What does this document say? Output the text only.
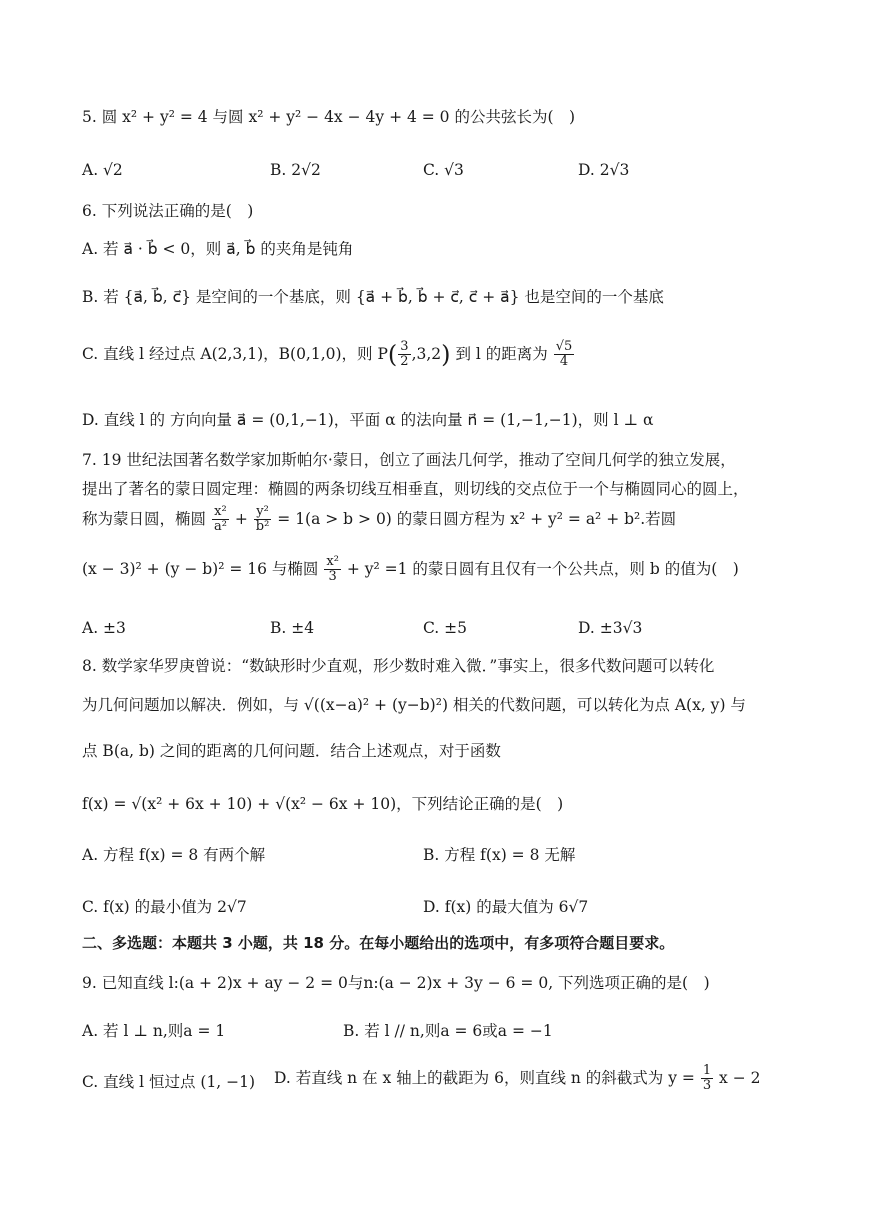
5. 圆 x² + y² = 4 与圆 x² + y² − 4x − 4y + 4 = 0 的公共弦长为(　)
A. √2	B. 2√2	C. √3	D. 2√3
6. 下列说法正确的是(　)
A. 若 a⃗ · b⃗ < 0，则 a⃗, b⃗ 的夹角是钝角
B. 若 {a⃗, b⃗, c⃗} 是空间的一个基底，则 {a⃗ + b⃗, b⃗ + c⃗, c⃗ + a⃗} 也是空间的一个基底
C. 直线 l 经过点 A(2,3,1)，B(0,1,0)，则 $P( \frac{3}{2} ,3,2)$ 到 l 的距离为 $\frac{√5}{4}$
D. 直线 l 的 方向向量 a⃗ = (0,1,−1)，平面 α 的法向量 n⃗ = (1,−1,−1)，则 l ⊥ α
7. 19 世纪法国著名数学家加斯帕尔·蒙日，创立了画法几何学，推动了空间几何学的独立发展，
提出了著名的蒙日圆定理：椭圆的两条切线互相垂直，则切线的交点位于一个与椭圆同心的圆上，
称为蒙日圆，椭圆 $\frac{\text{x²}}{\text{a²}} + \frac{\text{y²}}{\text{b²}} = 1(a > b > 0)$ 的蒙日圆方程为 x² + y² = a² + b².若圆
(x − 3)² + (y − b)² = 16 与椭圆 $\frac{\text{x²}}{3} + y^2 =1$ 的蒙日圆有且仅有一个公共点，则 b 的值为(　)
A. ±3	B. ±4	C. ±5	D. ±3√3
8. 数学家华罗庚曾说：“数缺形时少直观，形少数时难入微．”事实上，很多代数问题可以转化
为几何问题加以解决．例如，与 √((x−a)² + (y−b)²) 相关的代数问题，可以转化为点 A(x, y) 与
点 B(a, b) 之间的距离的几何问题．结合上述观点，对于函数
f(x) = √(x² + 6x + 10) + √(x² − 6x + 10)，下列结论正确的是(　)
A. 方程 f(x) = 8 有两个解	B. 方程 f(x) = 8 无解
C. f(x) 的最小值为 2√7	D. f(x) 的最大值为 6√7
二、多选题：本题共 3 小题，共 18 分。在每小题给出的选项中，有多项符合题目要求。
9. 已知直线 l:(a + 2)x + ay − 2 = 0与n:(a − 2)x + 3y − 6 = 0, 下列选项正确的是(　)
A. 若 l ⊥ n,则a = 1	B. 若 l // n,则a = 6或a = −1
C. 直线 l 恒过点 (1, −1) D. 若直线 n 在 x 轴上的截距为 6，则直线 n 的斜截式为 $y = \frac{1}{3}$ x − 2
